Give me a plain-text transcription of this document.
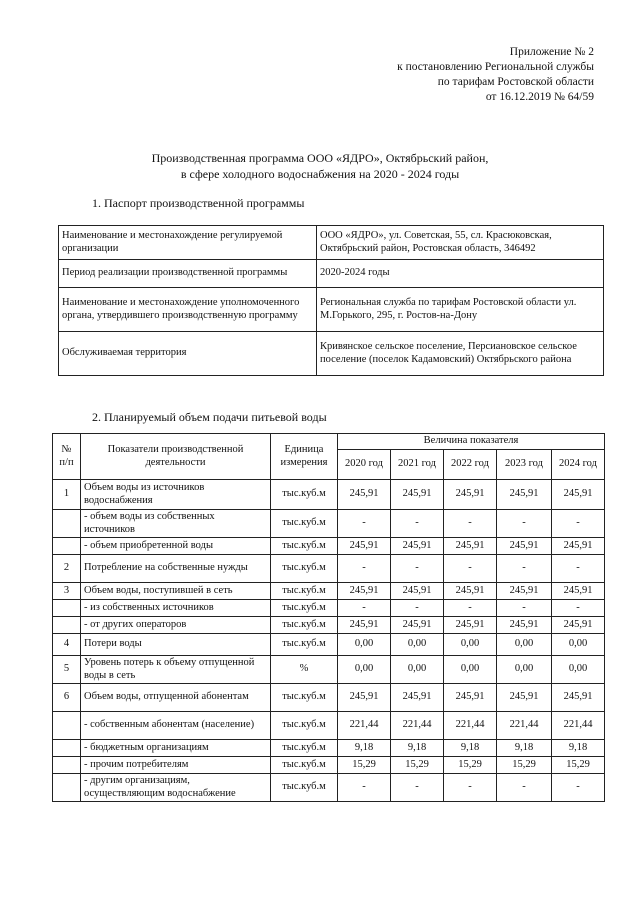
Приложение № 2
к постановлению Региональной службы
по тарифам Ростовской области
от 16.12.2019 № 64/59
Производственная программа ООО «ЯДРО», Октябрьский район,
в сфере холодного водоснабжения на 2020 - 2024 годы
1. Паспорт производственной программы
Наименование и местонахождение регулируемой организации	ООО «ЯДРО», ул. Советская, 55, сл. Красюковская, Октябрьский район, Ростовская область, 346492
Период реализации производственной программы	2020-2024 годы
Наименование и местонахождение уполномоченного органа, утвердившего производственную программу	Региональная служба по тарифам Ростовской области ул. М.Горького, 295, г. Ростов-на-Дону
Обслуживаемая территория	Кривянское сельское поселение, Персиановское сельское поселение (поселок Кадамовский) Октябрьского района
2. Планируемый объем подачи питьевой воды
№ п/п	Показатели производственной деятельности	Единица измерения	Величина показателя				
			2020 год	2021 год	2022 год	2023 год	2024 год
1	Объем воды из источников водоснабжения	тыс.куб.м	245,91	245,91	245,91	245,91	245,91
	- объем воды из собственных источников	тыс.куб.м	-	-	-	-	-
	- объем приобретенной воды	тыс.куб.м	245,91	245,91	245,91	245,91	245,91
2	Потребление на собственные нужды	тыс.куб.м	-	-	-	-	-
3	Объем воды, поступившей в сеть	тыс.куб.м	245,91	245,91	245,91	245,91	245,91
	- из собственных источников	тыс.куб.м	-	-	-	-	-
	- от других операторов	тыс.куб.м	245,91	245,91	245,91	245,91	245,91
4	Потери воды	тыс.куб.м	0,00	0,00	0,00	0,00	0,00
5	Уровень потерь к объему отпущенной воды в сеть	%	0,00	0,00	0,00	0,00	0,00
6	Объем воды, отпущенной абонентам	тыс.куб.м	245,91	245,91	245,91	245,91	245,91
	- собственным абонентам (население)	тыс.куб.м	221,44	221,44	221,44	221,44	221,44
	- бюджетным организациям	тыс.куб.м	9,18	9,18	9,18	9,18	9,18
	- прочим потребителям	тыс.куб.м	15,29	15,29	15,29	15,29	15,29
	- другим организациям, осуществляющим водоснабжение	тыс.куб.м	-	-	-	-	-
